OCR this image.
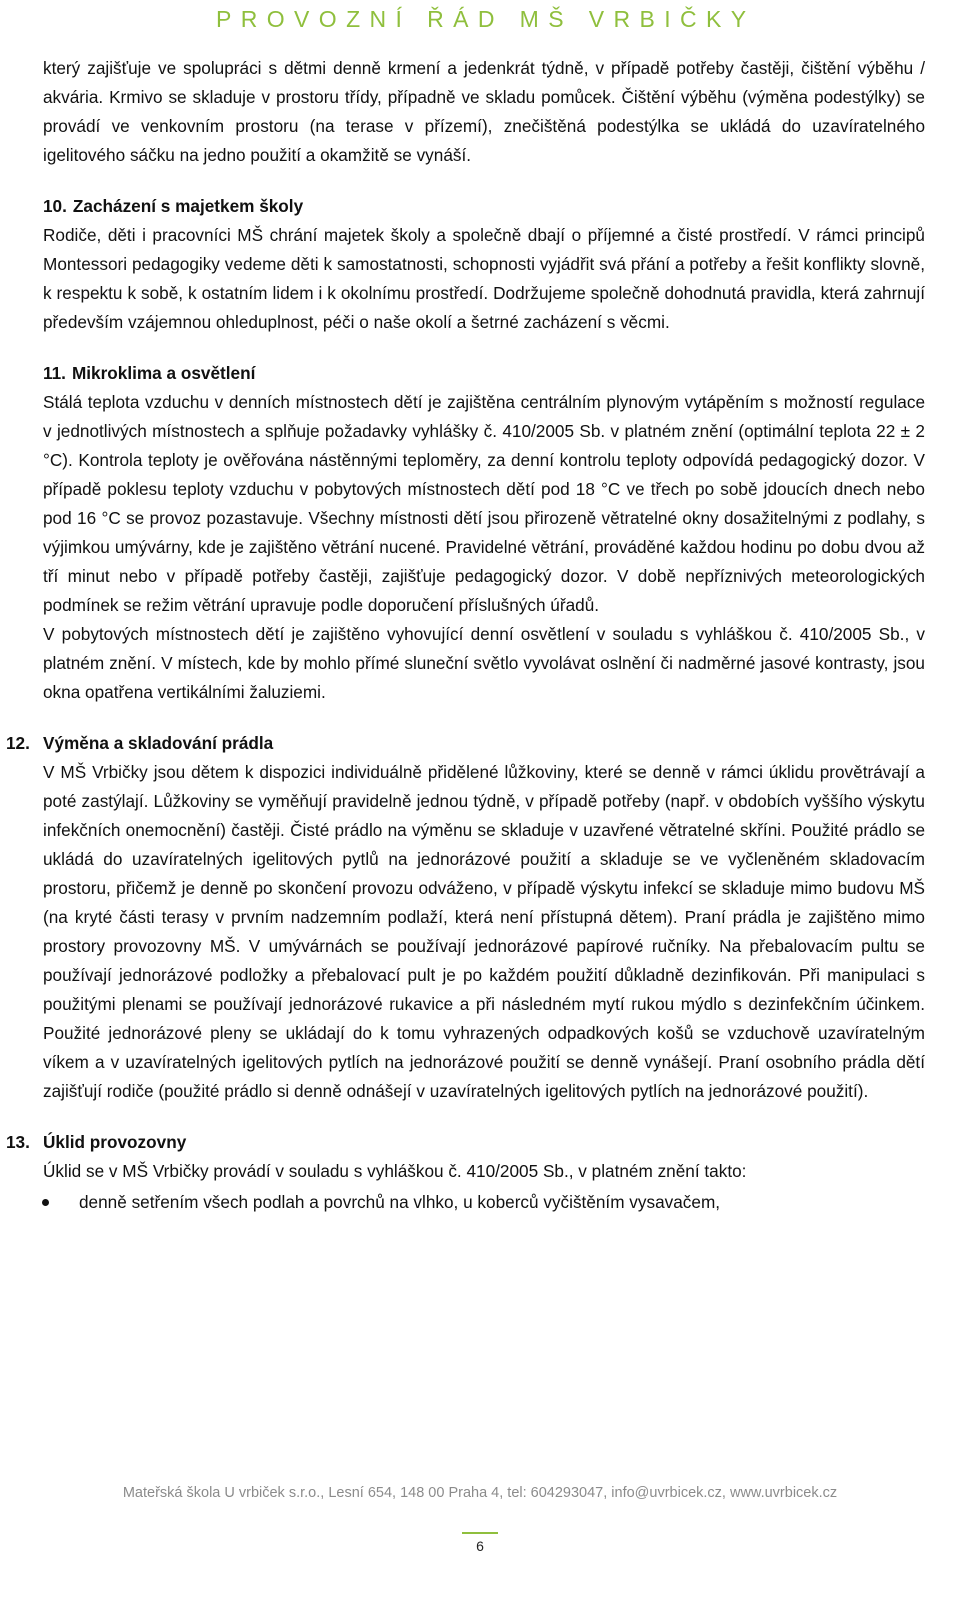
PROVOZNÍ ŘÁD MŠ VRBIČKY

který zajišťuje ve spolupráci s dětmi denně krmení a jedenkrát týdně, v případě potřeby častěji, čištění výběhu / akvária. Krmivo se skladuje v prostoru třídy, případně ve skladu pomůcek. Čištění výběhu (výměna podestýlky) se provádí ve venkovním prostoru (na terase v přízemí), znečištěná podestýlka se ukládá do uzavíratelného igelitového sáčku na jedno použití a okamžitě se vynáší.

10. Zacházení s majetkem školy

Rodiče, děti i pracovníci MŠ chrání majetek školy a společně dbají o příjemné a čisté prostředí. V rámci principů Montessori pedagogiky vedeme děti k samostatnosti, schopnosti vyjádřit svá přání a potřeby a řešit konflikty slovně, k respektu k sobě, k ostatním lidem i k okolnímu prostředí. Dodržujeme společně dohodnutá pravidla, která zahrnují především vzájemnou ohleduplnost, péči o naše okolí a šetrné zacházení s věcmi.

11. Mikroklima a osvětlení

Stálá teplota vzduchu v denních místnostech dětí je zajištěna centrálním plynovým vytápěním s možností regulace v jednotlivých místnostech a splňuje požadavky vyhlášky č. 410/2005 Sb. v platném znění (optimální teplota 22 ± 2 °C). Kontrola teploty je ověřována nástěnnými teploměry, za denní kontrolu teploty odpovídá pedagogický dozor. V případě poklesu teploty vzduchu v pobytových místnostech dětí pod 18 °C ve třech po sobě jdoucích dnech nebo pod 16 °C se provoz pozastavuje. Všechny místnosti dětí jsou přirozeně větratelné okny dosažitelnými z podlahy, s výjimkou umývárny, kde je zajištěno větrání nucené. Pravidelné větrání, prováděné každou hodinu po dobu dvou až tří minut nebo v případě potřeby častěji, zajišťuje pedagogický dozor. V době nepříznivých meteorologických podmínek se režim větrání upravuje podle doporučení příslušných úřadů.

V pobytových místnostech dětí je zajištěno vyhovující denní osvětlení v souladu s vyhláškou č. 410/2005 Sb., v platném znění. V místech, kde by mohlo přímé sluneční světlo vyvolávat oslnění či nadměrné jasové kontrasty, jsou okna opatřena vertikálními žaluziemi.

12. Výměna a skladování prádla

V MŠ Vrbičky jsou dětem k dispozici individuálně přidělené lůžkoviny, které se denně v rámci úklidu provětrávají a poté zastýlají. Lůžkoviny se vyměňují pravidelně jednou týdně, v případě potřeby (např. v obdobích vyššího výskytu infekčních onemocnění) častěji. Čisté prádlo na výměnu se skladuje v uzavřené větratelné skříni. Použité prádlo se ukládá do uzavíratelných igelitových pytlů na jednorázové použití a skladuje se ve vyčleněném skladovacím prostoru, přičemž je denně po skončení provozu odváženo, v případě výskytu infekcí se skladuje mimo budovu MŠ (na kryté části terasy v prvním nadzemním podlaží, která není přístupná dětem). Praní prádla je zajištěno mimo prostory provozovny MŠ. V umývárnách se používají jednorázové papírové ručníky. Na přebalovacím pultu se používají jednorázové podložky a přebalovací pult je po každém použití důkladně dezinfikován. Při manipulaci s použitými plenami se používají jednorázové rukavice a při následném mytí rukou mýdlo s dezinfekčním účinkem. Použité jednorázové pleny se ukládají do k tomu vyhrazených odpadkových košů se vzduchově uzavíratelným víkem a v uzavíratelných igelitových pytlích na jednorázové použití se denně vynášejí. Praní osobního prádla dětí zajišťují rodiče (použité prádlo si denně odnášejí v uzavíratelných igelitových pytlích na jednorázové použití).

13. Úklid provozovny

Úklid se v MŠ Vrbičky provádí v souladu s vyhláškou č. 410/2005 Sb., v platném znění takto:

denně setřením všech podlah a povrchů na vlhko, u koberců vyčištěním vysavačem,
Mateřská škola U vrbiček s.r.o., Lesní 654, 148 00 Praha 4, tel: 604293047, info@uvrbicek.cz, www.uvrbicek.cz
6
